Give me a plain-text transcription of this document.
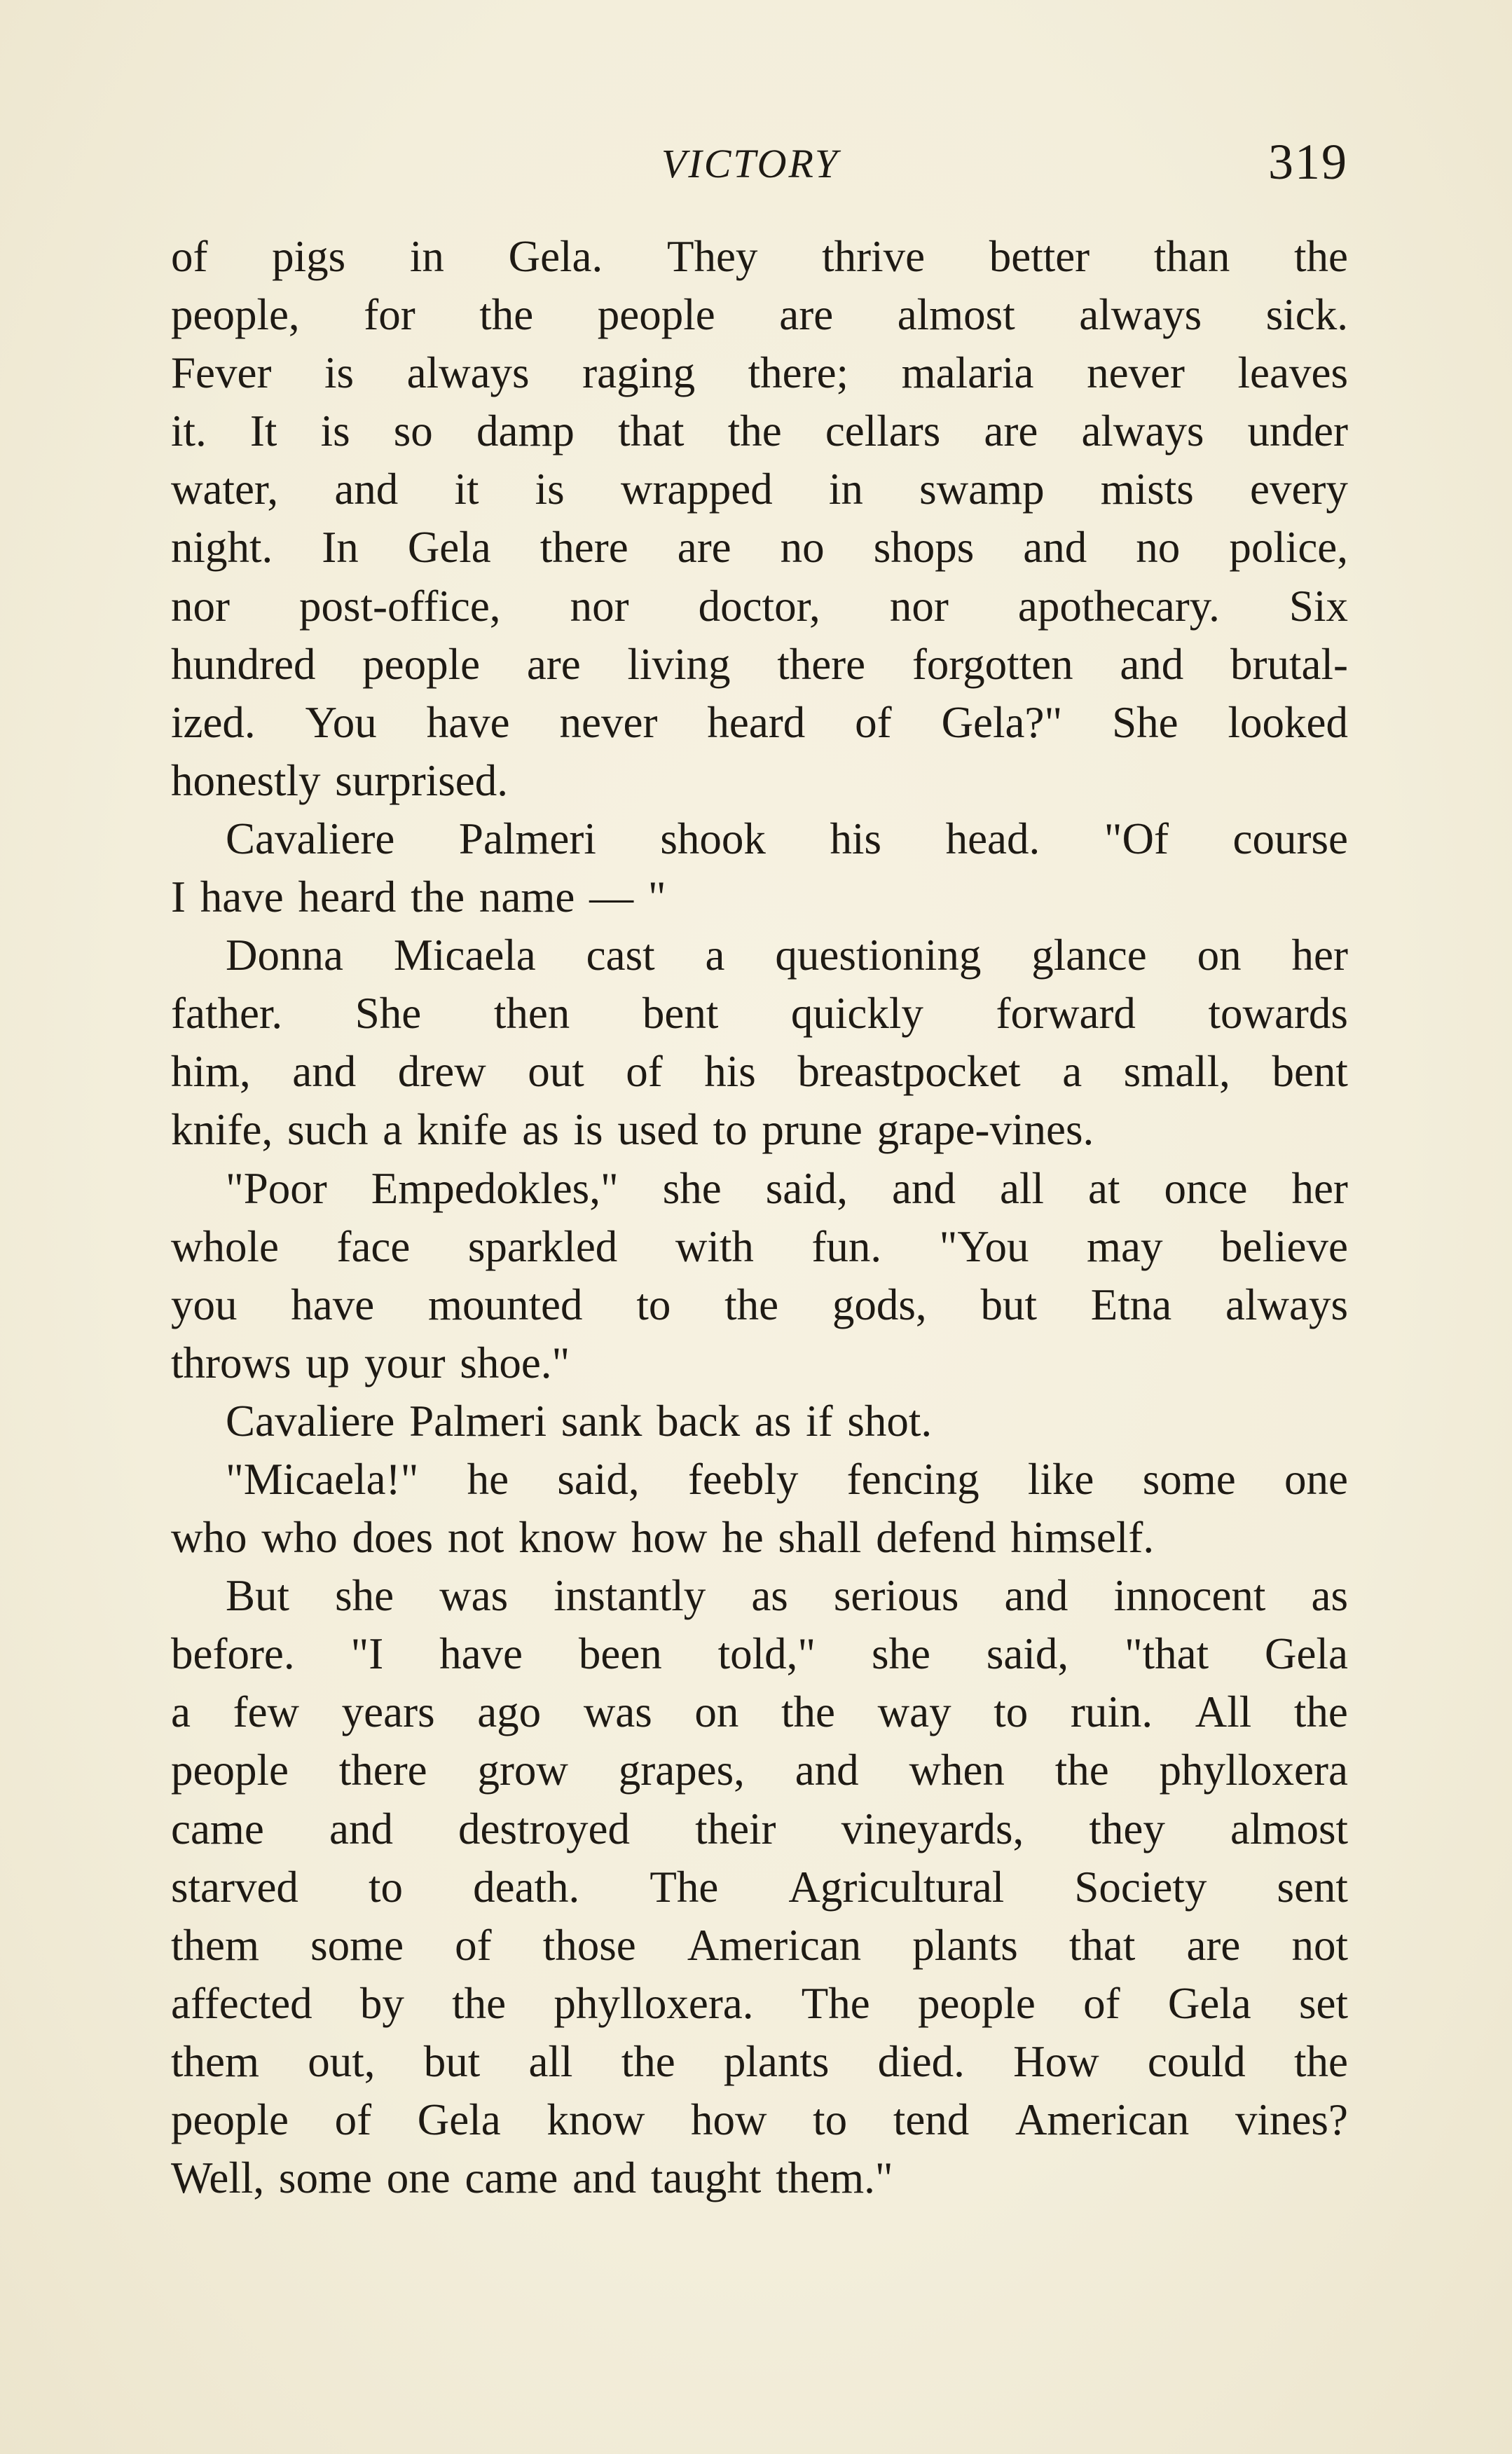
VICTORY	319
of pigs in Gela. They thrive better than the
people, for the people are almost always sick.
Fever is always raging there; malaria never leaves
it. It is so damp that the cellars are always under
water, and it is wrapped in swamp mists every
night. In Gela there are no shops and no police,
nor post-office, nor doctor, nor apothecary. Six
hundred people are living there forgotten and brutal-
ized. You have never heard of Gela?" She looked
honestly surprised.
Cavaliere Palmeri shook his head. "Of course
I have heard the name — "
Donna Micaela cast a questioning glance on her
father. She then bent quickly forward towards
him, and drew out of his breastpocket a small, bent
knife, such a knife as is used to prune grape-vines.
"Poor Empedokles," she said, and all at once her
whole face sparkled with fun. "You may believe
you have mounted to the gods, but Etna always
throws up your shoe."
Cavaliere Palmeri sank back as if shot.
"Micaela!" he said, feebly fencing like some one
who who does not know how he shall defend himself.
But she was instantly as serious and innocent as
before. "I have been told," she said, "that Gela
a few years ago was on the way to ruin. All the
people there grow grapes, and when the phylloxera
came and destroyed their vineyards, they almost
starved to death. The Agricultural Society sent
them some of those American plants that are not
affected by the phylloxera. The people of Gela set
them out, but all the plants died. How could the
people of Gela know how to tend American vines?
Well, some one came and taught them."
